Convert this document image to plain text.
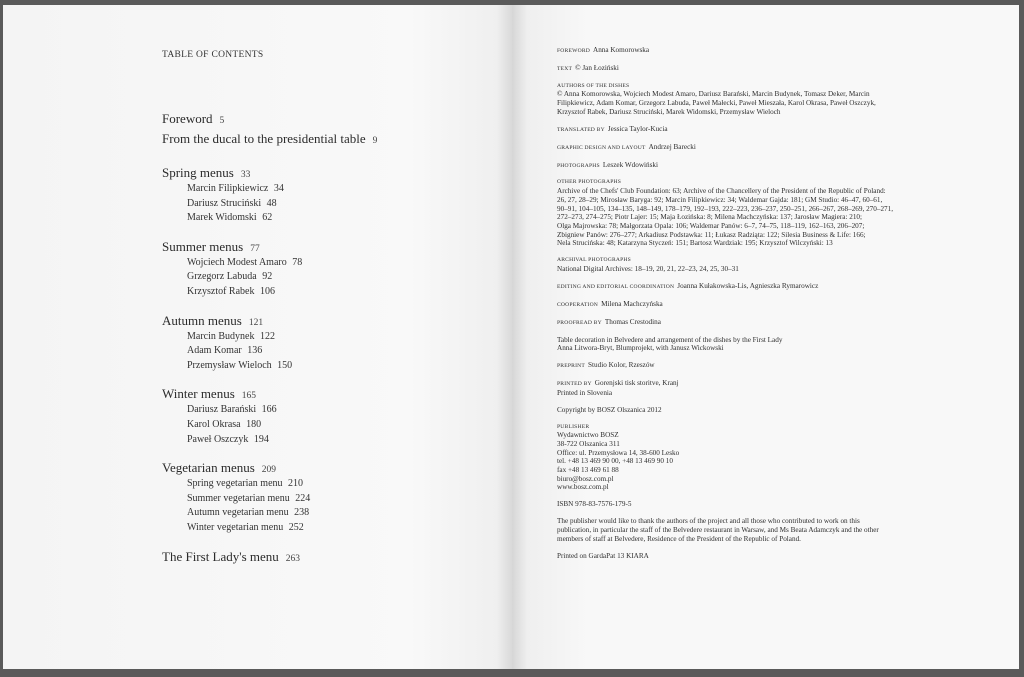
TABLE OF CONTENTS
Foreword 5
From the ducal to the presidential table 9
Spring menus 33
Marcin Filipkiewicz 34
Dariusz Struciński 48
Marek Widomski 62
Summer menus 77
Wojciech Modest Amaro 78
Grzegorz Labuda 92
Krzysztof Rabek 106
Autumn menus 121
Marcin Budynek 122
Adam Komar 136
Przemysław Wieloch 150
Winter menus 165
Dariusz Barański 166
Karol Okrasa 180
Paweł Oszczyk 194
Vegetarian menus 209
Spring vegetarian menu 210
Summer vegetarian menu 224
Autumn vegetarian menu 238
Winter vegetarian menu 252
The First Lady's menu 263
FOREWORD Anna Komorowska
TEXT © Jan Łoziński
AUTHORS OF THE DISHES
© Anna Komorowska, Wojciech Modest Amaro, Dariusz Barański, Marcin Budynek, Tomasz Deker, Marcin
Filipkiewicz, Adam Komar, Grzegorz Labuda, Paweł Małecki, Paweł Mieszała, Karol Okrasa, Paweł Oszczyk,
Krzysztof Rabek, Dariusz Struciński, Marek Widomski, Przemysław Wieloch
TRANSLATED BY Jessica Taylor-Kucia
GRAPHIC DESIGN AND LAYOUT Andrzej Barecki
PHOTOGRAPHS Leszek Wdowiński
OTHER PHOTOGRAPHS
Archive of the Chefs' Club Foundation: 63; Archive of the Chancellery of the President of the Republic of Poland:
26, 27, 28–29; Mirosław Baryga: 92; Marcin Filipkiewicz: 34; Waldemar Gajda: 181; GM Studio: 46–47, 60–61,
90–91, 104–105, 134–135, 148–149, 178–179, 192–193, 222–223, 236–237, 250–251, 266–267, 268–269, 270–271,
272–273, 274–275; Piotr Lajer: 15; Maja Łozińska: 8; Milena Machczyńska: 137; Jarosław Magiera: 210;
Olga Majrowska: 78; Małgorzata Opala: 106; Waldemar Panów: 6–7, 74–75, 118–119, 162–163, 206–207;
Zbigniew Panów: 276–277; Arkadiusz Podstawka: 11; Łukasz Radziąta: 122; Silesia Business & Life: 166;
Nela Strucińska: 48; Katarzyna Styczeń: 151; Bartosz Wardziak: 195; Krzysztof Wilczyński: 13
ARCHIVAL PHOTOGRAPHS
National Digital Archives: 18–19, 20, 21, 22–23, 24, 25, 30–31
EDITING AND EDITORIAL COORDINATION Joanna Kułakowska-Lis, Agnieszka Rymarowicz
COOPERATION Milena Machczyńska
PROOFREAD BY Thomas Crestodina
Table decoration in Belvedere and arrangement of the dishes by the First Lady
Anna Litwora-Bryt, Blumprojekt, with Janusz Wickowski
PREPRINT Studio Kolor, Rzeszów
PRINTED BY Gorenjski tisk storitve, Kranj
Printed in Slovenia
Copyright by BOSZ Olszanica 2012
PUBLISHER
Wydawnictwo BOSZ
38-722 Olszanica 311
Office: ul. Przemysłowa 14, 38-600 Lesko
tel. +48 13 469 90 00, +48 13 469 90 10
fax +48 13 469 61 88
biuro@bosz.com.pl
www.bosz.com.pl
ISBN 978-83-7576-179-5
The publisher would like to thank the authors of the project and all those who contributed to work on this
publication, in particular the staff of the Belvedere restaurant in Warsaw, and Ms Beata Adamczyk and the other
members of staff at Belvedere, Residence of the President of the Republic of Poland.
Printed on GardaPat 13 KIARA
